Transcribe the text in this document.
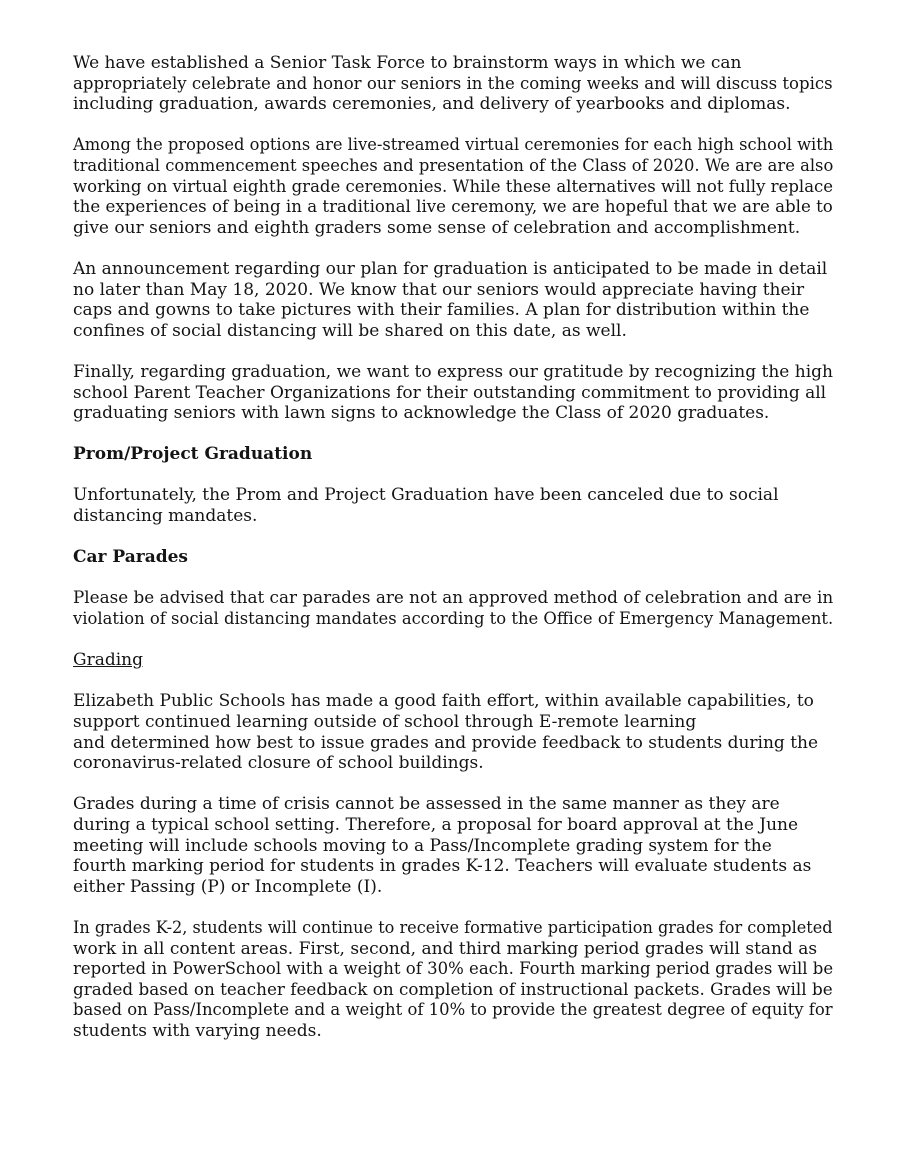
We have established a Senior Task Force to brainstorm ways in which we can
appropriately celebrate and honor our seniors in the coming weeks and will discuss topics
including graduation, awards ceremonies, and delivery of yearbooks and diplomas.
Among the proposed options are live-streamed virtual ceremonies for each high school with
traditional commencement speeches and presentation of the Class of 2020. We are are also
working on virtual eighth grade ceremonies. While these alternatives will not fully replace
the experiences of being in a traditional live ceremony, we are hopeful that we are able to
give our seniors and eighth graders some sense of celebration and accomplishment.
An announcement regarding our plan for graduation is anticipated to be made in detail
no later than May 18, 2020. We know that our seniors would appreciate having their
caps and gowns to take pictures with their families. A plan for distribution within the
confines of social distancing will be shared on this date, as well.
Finally, regarding graduation, we want to express our gratitude by recognizing the high
school Parent Teacher Organizations for their outstanding commitment to providing all
graduating seniors with lawn signs to acknowledge the Class of 2020 graduates.
Prom/Project Graduation
Unfortunately, the Prom and Project Graduation have been canceled due to social
distancing mandates.
Car Parades
Please be advised that car parades are not an approved method of celebration and are in
violation of social distancing mandates according to the Office of Emergency Management.
Grading
Elizabeth Public Schools has made a good faith effort, within available capabilities, to
support continued learning outside of school through E-remote learning
and determined how best to issue grades and provide feedback to students during the
coronavirus-related closure of school buildings.
Grades during a time of crisis cannot be assessed in the same manner as they are
during a typical school setting. Therefore, a proposal for board approval at the June
meeting will include schools moving to a Pass/Incomplete grading system for the
fourth marking period for students in grades K-12. Teachers will evaluate students as
either Passing (P) or Incomplete (I).
In grades K-2, students will continue to receive formative participation grades for completed
work in all content areas. First, second, and third marking period grades will stand as
reported in PowerSchool with a weight of 30% each. Fourth marking period grades will be
graded based on teacher feedback on completion of instructional packets. Grades will be
based on Pass/Incomplete and a weight of 10% to provide the greatest degree of equity for
students with varying needs.
